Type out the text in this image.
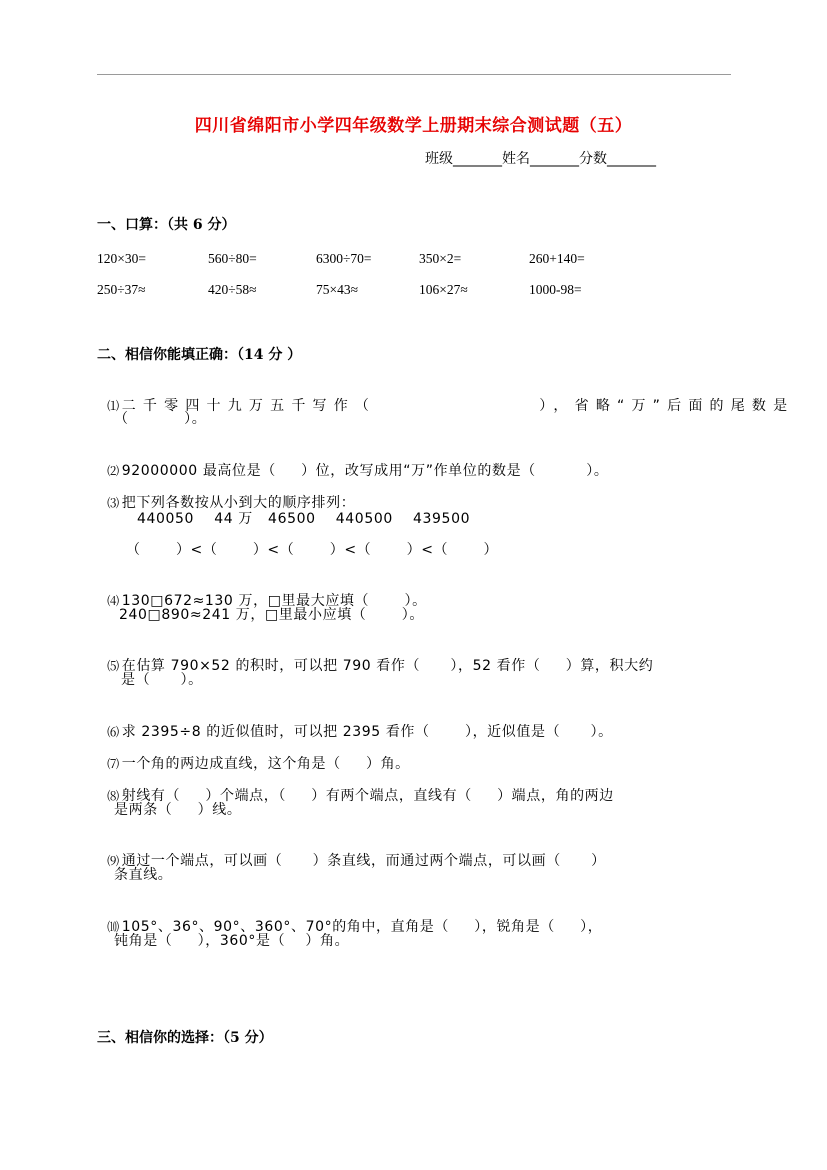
四川省绵阳市小学四年级数学上册期末综合测试题（五）
班级_______姓名_______分数_______
一、口算：（共 6 分）
120×30=	560÷80=	6300÷70=	350×2=	260+140=
250÷37≈	420÷58≈	75×43≈	106×27≈	1000-98=
二、相信你能填正确：（14 分 ）

⑴ 二千零四十九万五千写作（              ），省略“万”后面的尾数是

（           ）。

⑵ 92000000 最高位是（     ）位，改写成用“万”作单位的数是（          ）。

⑶ 把下列各数按从小到大的顺序排列：

440050    44 万   46500    440500    439500
（       ）<（       ）<（       ）<（       ）<（       ）

⑷ 130□672≈130 万，□里最大应填（       ）。

240□890≈241 万，□里最小应填（       ）。

⑸ 在估算 790×52 的积时，可以把 790 看作（      ），52 看作（     ）算，积大约

是（      ）。

⑹ 求 2395÷8 的近似值时，可以把 2395 看作（       ），近似值是（      ）。

⑺ 一个角的两边成直线，这个角是（     ）角。

⑻ 射线有（     ）个端点，（     ）有两个端点，直线有（     ）端点，角的两边

是两条（     ）线。

⑼ 通过一个端点，可以画（      ）条直线，而通过两个端点，可以画（      ）

条直线。

⑽ 105°、36°、90°、360°、70°的角中，直角是（     ），锐角是（     ），

钝角是（     ），360°是（    ）角。
三、相信你的选择：（5 分）
